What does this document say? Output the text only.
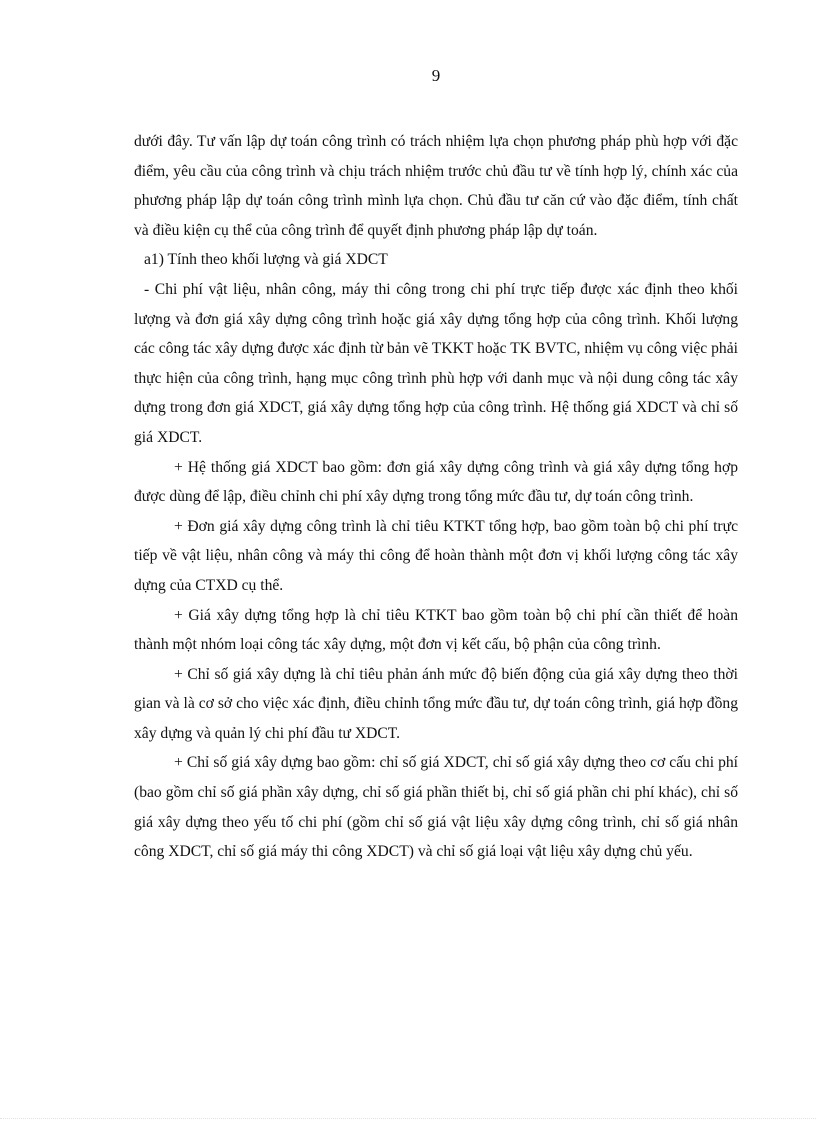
9

dưới đây. Tư vấn lập dự toán công trình có trách nhiệm lựa chọn phương pháp phù hợp với đặc điểm, yêu cầu của công trình và chịu trách nhiệm trước chủ đầu tư về tính hợp lý, chính xác của phương pháp lập dự toán công trình mình lựa chọn. Chủ đầu tư căn cứ vào đặc điểm, tính chất và điều kiện cụ thể của công trình để quyết định phương pháp lập dự toán.

a1) Tính theo khối lượng và giá XDCT

- Chi phí vật liệu, nhân công, máy thi công trong chi phí trực tiếp được xác định theo khối lượng và đơn giá xây dựng công trình hoặc giá xây dựng tổng hợp của công trình. Khối lượng các công tác xây dựng được xác định từ bản vẽ TKKT hoặc TK BVTC, nhiệm vụ công việc phải thực hiện của công trình, hạng mục công trình phù hợp với danh mục và nội dung công tác xây dựng trong đơn giá XDCT, giá xây dựng tổng hợp của công trình. Hệ thống giá XDCT và chỉ số giá XDCT.

+ Hệ thống giá XDCT bao gồm: đơn giá xây dựng công trình và giá xây dựng tổng hợp được dùng để lập, điều chỉnh chi phí xây dựng trong tổng mức đầu tư, dự toán công trình.

+ Đơn giá xây dựng công trình là chỉ tiêu KTKT tổng hợp, bao gồm toàn bộ chi phí trực tiếp về vật liệu, nhân công và máy thi công để hoàn thành một đơn vị khối lượng công tác xây dựng của CTXD cụ thể.

+ Giá xây dựng tổng hợp là chỉ tiêu KTKT bao gồm toàn bộ chi phí cần thiết để hoàn thành một nhóm loại công tác xây dựng, một đơn vị kết cấu, bộ phận của công trình.

+ Chỉ số giá xây dựng là chỉ tiêu phản ánh mức độ biến động của giá xây dựng theo thời gian và là cơ sở cho việc xác định, điều chỉnh tổng mức đầu tư, dự toán công trình, giá hợp đồng xây dựng và quản lý chi phí đầu tư XDCT.

+ Chỉ số giá xây dựng bao gồm: chỉ số giá XDCT, chỉ số giá xây dựng theo cơ cấu chi phí (bao gồm chỉ số giá phần xây dựng, chỉ số giá phần thiết bị, chỉ số giá phần chi phí khác), chỉ số giá xây dựng theo yếu tố chi phí (gồm chỉ số giá vật liệu xây dựng công trình, chỉ số giá nhân công XDCT, chỉ số giá máy thi công XDCT) và chỉ số giá loại vật liệu xây dựng chủ yếu.
